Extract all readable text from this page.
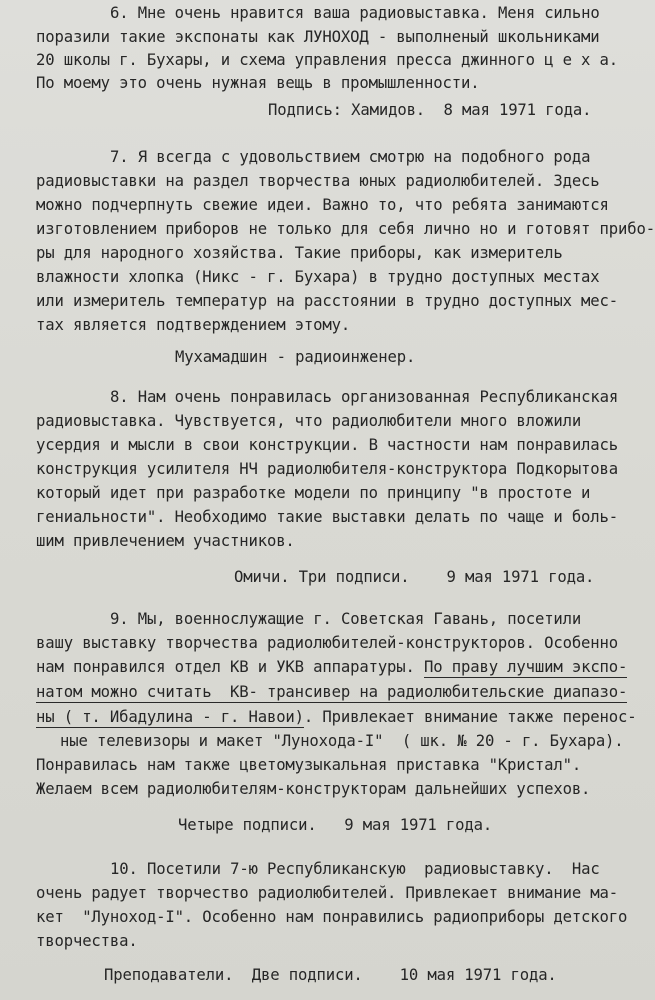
6. Мне очень нравится ваша радиовыставка. Меня сильно
поразили такие экспонаты как ЛУНОХОД - выполненый школьниками
20 школы г. Бухары, и схема управления пресса джинного ц е х а.
По моему это очень нужная вещь в промышленности.
Подпись: Хамидов.  8 мая 1971 года.
7. Я всегда с удовольствием смотрю на подобного рода
радиовыставки на раздел творчества юных радиолюбителей. Здесь
можно подчерпнуть свежие идеи. Важно то, что ребята занимаются
изготовлением приборов не только для себя лично но и готовят прибо-
ры для народного хозяйства. Такие приборы, как измеритель
влажности хлопка (Никс - г. Бухара) в трудно доступных местах
или измеритель температур на расстоянии в трудно доступных мес-
тах является подтверждением этому.
Мухамадшин - радиоинженер.
8. Нам очень понравилась организованная Республиканская
радиовыставка. Чувствуется, что радиолюбители много вложили
усердия и мысли в свои конструкции. В частности нам понравилась
конструкция усилителя НЧ радиолюбителя-конструктора Подкорытова
который идет при разработке модели по принципу "в простоте и
гениальности". Необходимо такие выставки делать по чаще и боль-
шим привлечением участников.
Омичи. Три подписи.    9 мая 1971 года.
9. Мы, военнослужащие г. Советская Гавань, посетили
вашу выставку творчества радиолюбителей-конструкторов. Особенно
нам понравился отдел КВ и УКВ аппаратуры. По праву лучшим экспо-
натом можно считать  КВ- трансивер на радиолюбительские диапазо-
ны ( т. Ибадулина - г. Навои). Привлекает внимание также перенос-
ные телевизоры и макет "Лунохода-I"  ( шк. № 20 - г. Бухара).
Понравилась нам также цветомузыкальная приставка "Кристал".
Желаем всем радиолюбителям-конструкторам дальнейших успехов.
Четыре подписи.   9 мая 1971 года.
10. Посетили 7-ю Республиканскую  радиовыставку.  Нас
очень радует творчество радиолюбителей. Привлекает внимание ма-
кет  "Луноход-I". Особенно нам понравились радиоприборы детского
творчества.
Преподаватели.  Две подписи.    10 мая 1971 года.
